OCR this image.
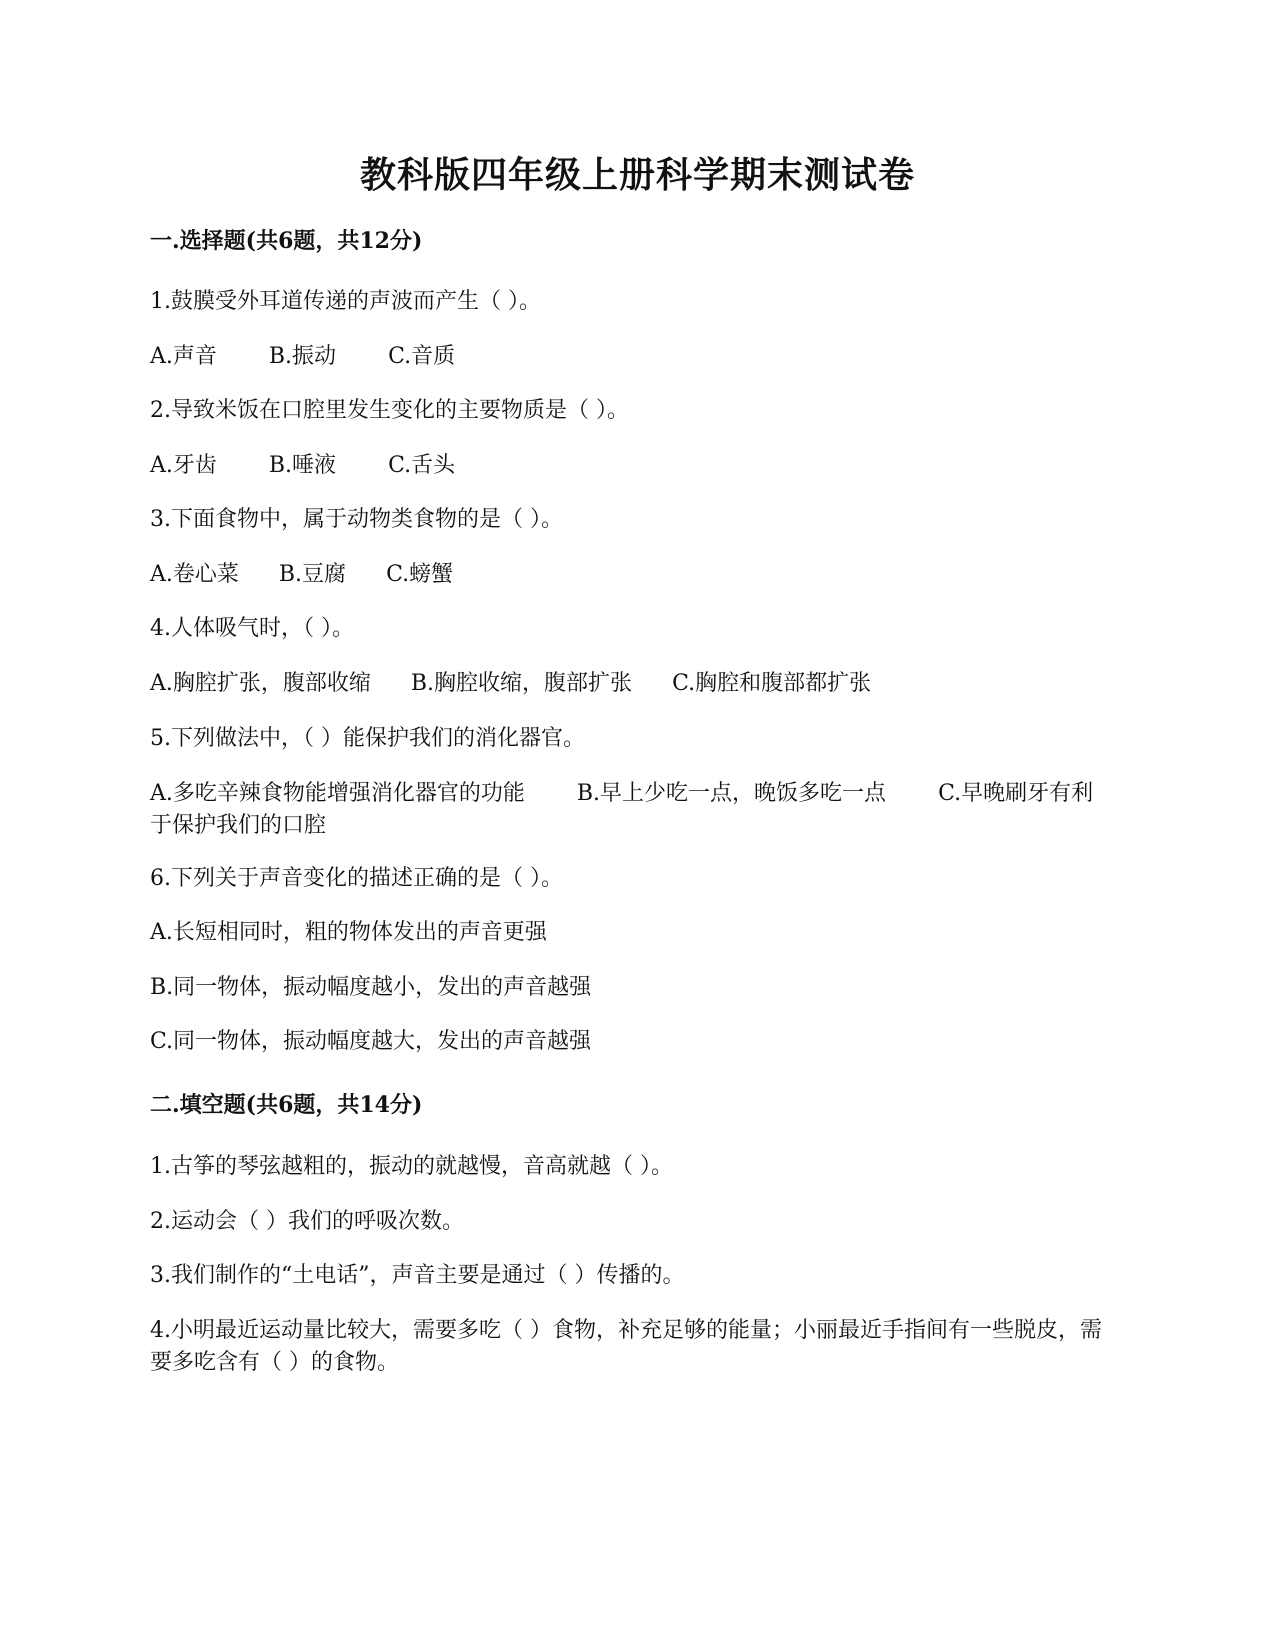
教科版四年级上册科学期末测试卷
一.选择题(共6题，共12分)
1.鼓膜受外耳道传递的声波而产生（ ）。
A.声音 B.振动 C.音质
2.导致米饭在口腔里发生变化的主要物质是（ ）。
A.牙齿 B.唾液 C.舌头
3.下面食物中，属于动物类食物的是（ ）。
A.卷心菜 B.豆腐 C.螃蟹
4.人体吸气时，（ ）。
A.胸腔扩张，腹部收缩 B.胸腔收缩，腹部扩张 C.胸腔和腹部都扩张
5.下列做法中，（ ）能保护我们的消化器官。
A.多吃辛辣食物能增强消化器官的功能 B.早上少吃一点，晚饭多吃一点 C.早晚刷牙有利于保护我们的口腔
6.下列关于声音变化的描述正确的是（ ）。
A.长短相同时，粗的物体发出的声音更强
B.同一物体，振动幅度越小，发出的声音越强
C.同一物体，振动幅度越大，发出的声音越强
二.填空题(共6题，共14分)
1.古筝的琴弦越粗的，振动的就越慢，音高就越（ ）。
2.运动会（ ）我们的呼吸次数。
3.我们制作的“土电话”，声音主要是通过（ ）传播的。
4.小明最近运动量比较大，需要多吃（ ）食物，补充足够的能量；小丽最近手指间有一些脱皮，需要多吃含有（ ）的食物。
